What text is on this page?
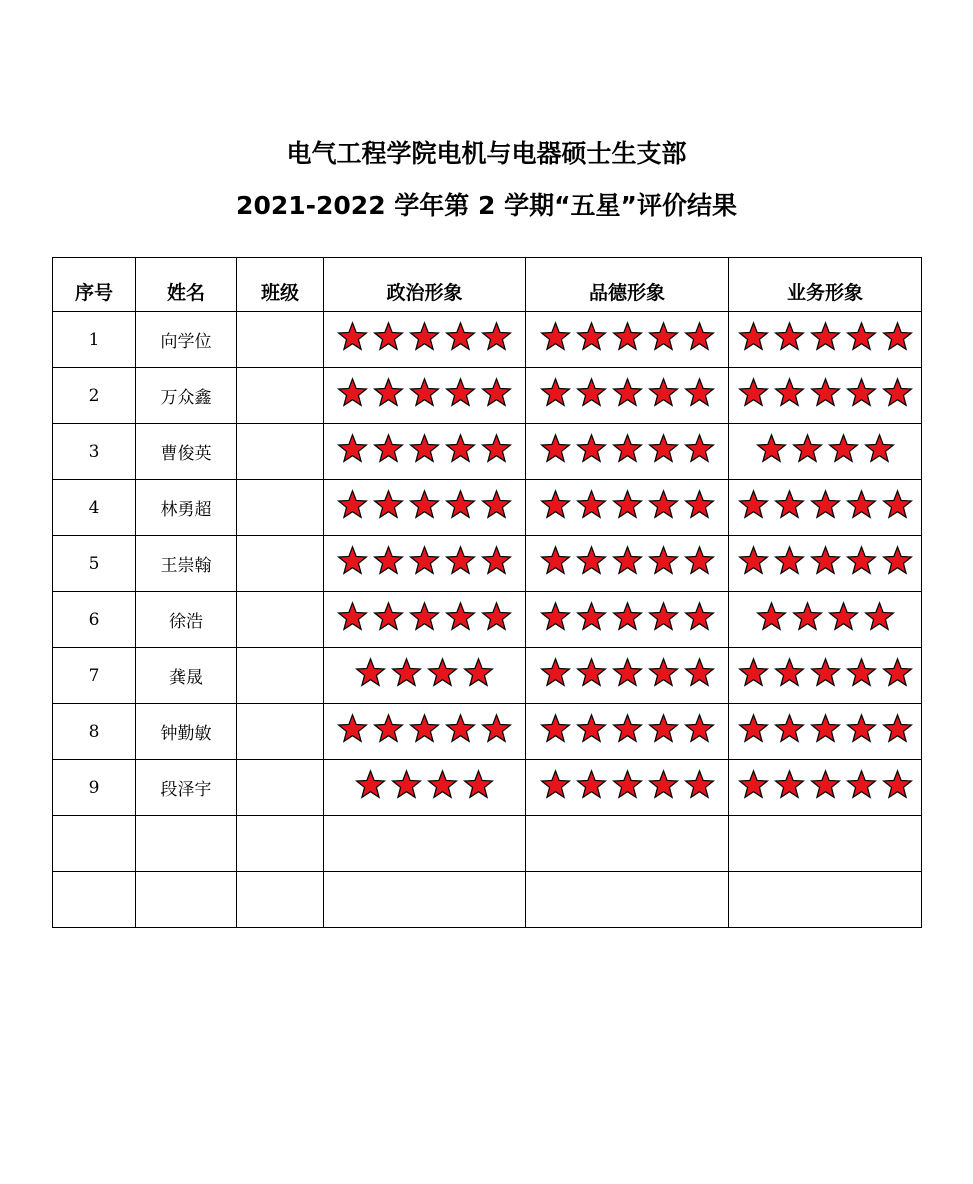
电气工程学院电机与电器硕士生支部
2021-2022 学年第 2 学期“五星”评价结果
序号	姓名	班级	政治形象	品德形象	业务形象
1	向学位		

2	万众鑫		

3	曹俊英		

4	林勇超		

5	王崇翰		

6	徐浩		

7	龚晟		

8	钟勤敏		

9	段泽宇		
